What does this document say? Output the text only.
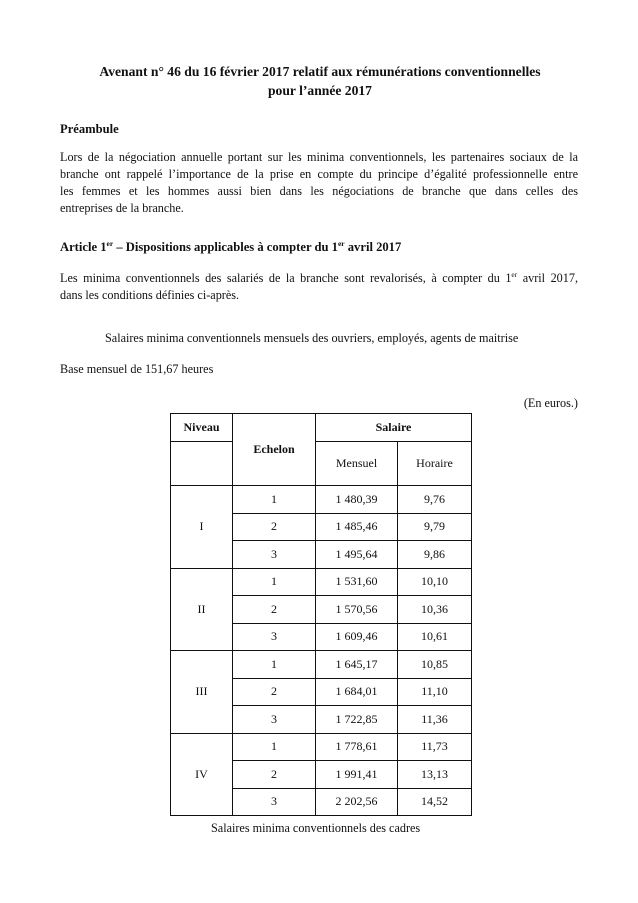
Avenant n° 46 du 16 février 2017 relatif aux rémunérations conventionnelles
pour l’année 2017
Préambule
Lors de la négociation annuelle portant sur les minima conventionnels, les partenaires sociaux de la
branche ont rappelé l’importance de la prise en compte du principe d’égalité professionnelle entre
les femmes et les hommes aussi bien dans les négociations de branche que dans celles des
entreprises de la branche.
Article 1er – Dispositions applicables à compter du 1er avril 2017
Les minima conventionnels des salariés de la branche sont revalorisés, à compter du 1er avril 2017,
dans les conditions définies ci-après.
Salaires minima conventionnels mensuels des ouvriers, employés, agents de maitrise
Base mensuel de 151,67 heures
(En euros.)
Niveau	Echelon	Salaire	
		Mensuel	Horaire
I	1	1 480,39	9,76
	2	1 485,46	9,79
	3	1 495,64	9,86
II	1	1 531,60	10,10
	2	1 570,56	10,36
	3	1 609,46	10,61
III	1	1 645,17	10,85
	2	1 684,01	11,10
	3	1 722,85	11,36
IV	1	1 778,61	11,73
	2	1 991,41	13,13
	3	2 202,56	14,52
Salaires minima conventionnels des cadres
